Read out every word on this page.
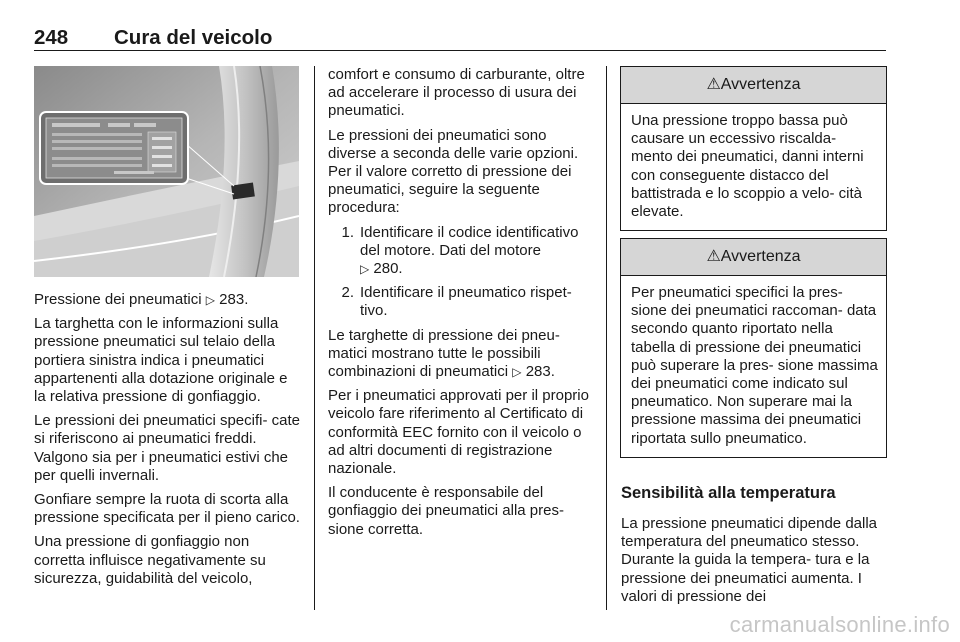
248 Cura del veicolo

Pressione dei pneumatici ▷ 283.

La targhetta con le informazioni sulla pressione pneumatici sul telaio della portiera sinistra indica i pneumatici appartenenti alla dotazione originale e la relativa pressione di gonfiaggio.

Le pressioni dei pneumatici specifi- cate si riferiscono ai pneumatici freddi. Valgono sia per i pneumatici estivi che per quelli invernali.

Gonfiare sempre la ruota di scorta alla pressione specificata per il pieno carico.

Una pressione di gonfiaggio non corretta influisce negativamente su sicurezza, guidabilità del veicolo,

comfort e consumo di carburante, oltre ad accelerare il processo di usura dei pneumatici.

Le pressioni dei pneumatici sono diverse a seconda delle varie opzioni. Per il valore corretto di pressione dei pneumatici, seguire la seguente procedura:

1. Identificare il codice identificativo del motore. Dati del motore
▷ 280.
2. Identificare il pneumatico rispet- tivo.

Le targhette di pressione dei pneu- matici mostrano tutte le possibili combinazioni di pneumatici ▷ 283.

Per i pneumatici approvati per il proprio veicolo fare riferimento al Certificato di conformità EEC fornito con il veicolo o ad altri documenti di registrazione nazionale.

Il conducente è responsabile del gonfiaggio dei pneumatici alla pres- sione corretta.

⚠Avvertenza
Una pressione troppo bassa può causare un eccessivo riscalda- mento dei pneumatici, danni interni con conseguente distacco del battistrada e lo scoppio a velo- cità elevate.
⚠Avvertenza
Per pneumatici specifici la pres- sione dei pneumatici raccoman- data secondo quanto riportato nella tabella di pressione dei pneumatici può superare la pres- sione massima dei pneumatici come indicato sul pneumatico. Non superare mai la pressione massima dei pneumatici riportata sullo pneumatico.
Sensibilità alla temperatura

La pressione pneumatici dipende dalla temperatura del pneumatico stesso. Durante la guida la tempera- tura e la pressione dei pneumatici aumenta. I valori di pressione dei

carmanualsonline.info
